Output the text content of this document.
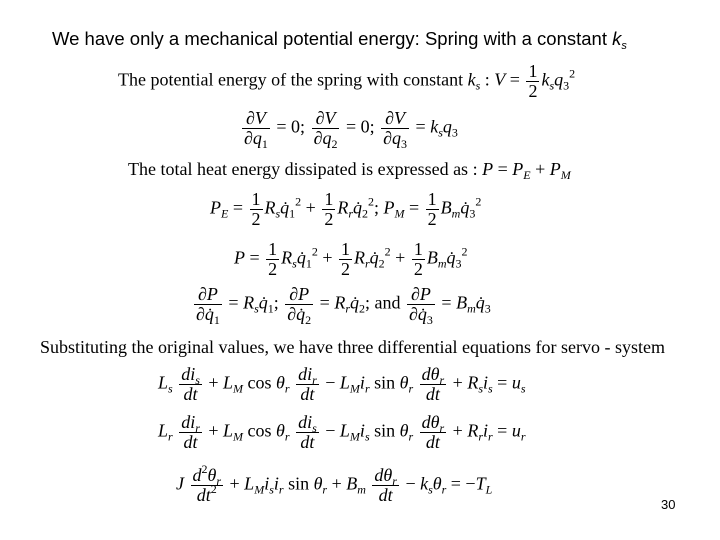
We have only a mechanical potential energy: Spring with a constant $k_s$
The potential energy of the spring with constant $k_s$ : $V = \frac{1}{2} k_sq_3^2$
$\frac{\partial V}{\partial q_1} = 0$; $\frac{\partial V}{\partial q_2} = 0$; $\frac{\partial V}{\partial q_3} = k_sq_3$
The total heat energy dissipated is expressed as : $P = P_E + P_M$
$P_E = \frac{1}{2}$ $R_sq̇_1^2 + \frac{1}{2}$ $R_rq̇_2^2$; $P_M = \frac{1}{2}$ $B_mq̇_3^2$
$P = \frac{1}{2}$ $R_sq̇_1^2 + \frac{1}{2}$ $R_rq̇_2^2 + \frac{1}{2}$ $B_mq̇_3^2$
$\frac{\partial P}{\partial q̇_1}$ = $R_sq̇_1$; $\frac{\partial P}{\partial q̇_2}$ = $R_rq̇_2$; and $\frac{\partial P}{\partial q̇_3}$ = $B_mq̇_3$
Substituting the original values, we have three differential equations for servo - system
$L_s$
$di_s$
dt
+ $L_M$ $\cos \theta_r$
$di_r$
dt
− $L_Mi_r$ $\sin \theta_r$
$d\theta_r$
dt
+ $R_si_s = u_s$
$L_r$
$di_r$
dt
+ $L_M$ $\cos \theta_r$
$di_s$
dt
− $L_Mi_s$ $\sin \theta_r$
$d\theta_r$
dt
+ $R_ri_r = u_r$
J $\frac{d^2\theta_r}{dt^2} + L_Mi_si_r$ $\sin \theta_r + B_m$
$d\theta_r$
dt
− $k_s\theta_r = -T_L$
30
